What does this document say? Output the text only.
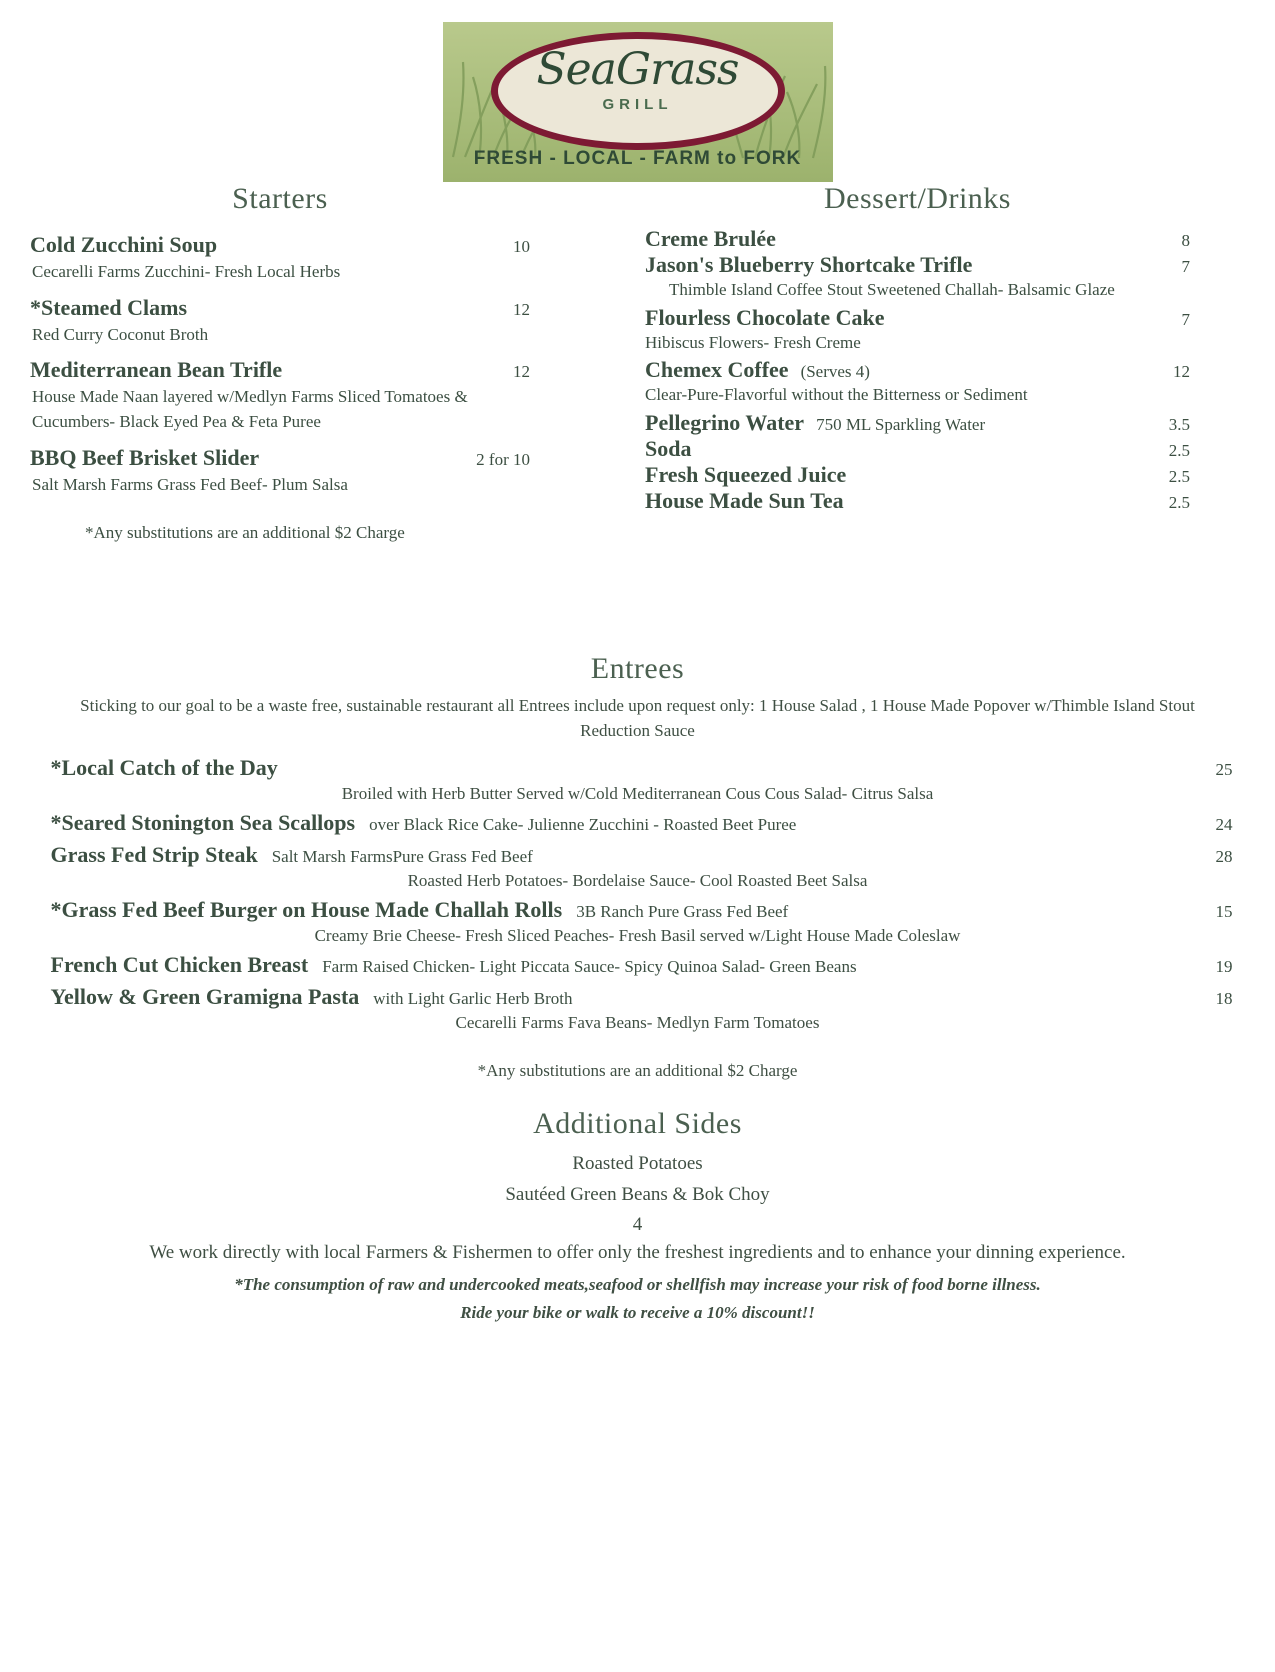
SeaGrass
GRILL
FRESH - LOCAL - FARM to FORK
Starters
Cold Zucchini Soup	10
Cecarelli Farms Zucchini- Fresh Local Herbs
*Steamed Clams	12
Red Curry Coconut Broth
Mediterranean Bean Trifle	12
House Made Naan layered w/Medlyn Farms Sliced Tomatoes & Cucumbers- Black Eyed Pea & Feta Puree
BBQ Beef Brisket Slider	2 for 10
Salt Marsh Farms Grass Fed Beef- Plum Salsa
*Any substitutions are an additional $2 Charge
Dessert/Drinks
Creme Brulée	8
Jason's Blueberry Shortcake Trifle	7
Thimble Island Coffee Stout Sweetened Challah- Balsamic Glaze
Flourless Chocolate Cake	7
Hibiscus Flowers- Fresh Creme
Chemex Coffee (Serves 4)	12
Clear-Pure-Flavorful without the Bitterness or Sediment
Pellegrino Water 750 ML Sparkling Water	3.5
Soda	2.5
Fresh Squeezed Juice	2.5
House Made Sun Tea	2.5
Entrees
Sticking to our goal to be a waste free, sustainable restaurant all Entrees include upon request only: 1 House Salad , 1 House Made Popover w/Thimble Island Stout Reduction Sauce
*Local Catch of the Day	25
Broiled with Herb Butter Served w/Cold Mediterranean Cous Cous Salad- Citrus Salsa
*Seared Stonington Sea Scallops over Black Rice Cake- Julienne Zucchini - Roasted Beet Puree	24
Grass Fed Strip Steak Salt Marsh FarmsPure Grass Fed Beef	28
Roasted Herb Potatoes- Bordelaise Sauce- Cool Roasted Beet Salsa
*Grass Fed Beef Burger on House Made Challah Rolls 3B Ranch Pure Grass Fed Beef	15
Creamy Brie Cheese- Fresh Sliced Peaches- Fresh Basil served w/Light House Made Coleslaw
French Cut Chicken Breast Farm Raised Chicken- Light Piccata Sauce- Spicy Quinoa Salad- Green Beans	19
Yellow & Green Gramigna Pasta with Light Garlic Herb Broth	18
Cecarelli Farms Fava Beans- Medlyn Farm Tomatoes
*Any substitutions are an additional $2 Charge
Additional Sides
Roasted Potatoes
Sautéed Green Beans & Bok Choy
4
We work directly with local Farmers & Fishermen to offer only the freshest ingredients and to enhance your dinning experience.
*The consumption of raw and undercooked meats,seafood or shellfish may increase your risk of food borne illness.
Ride your bike or walk to receive a 10% discount!!
